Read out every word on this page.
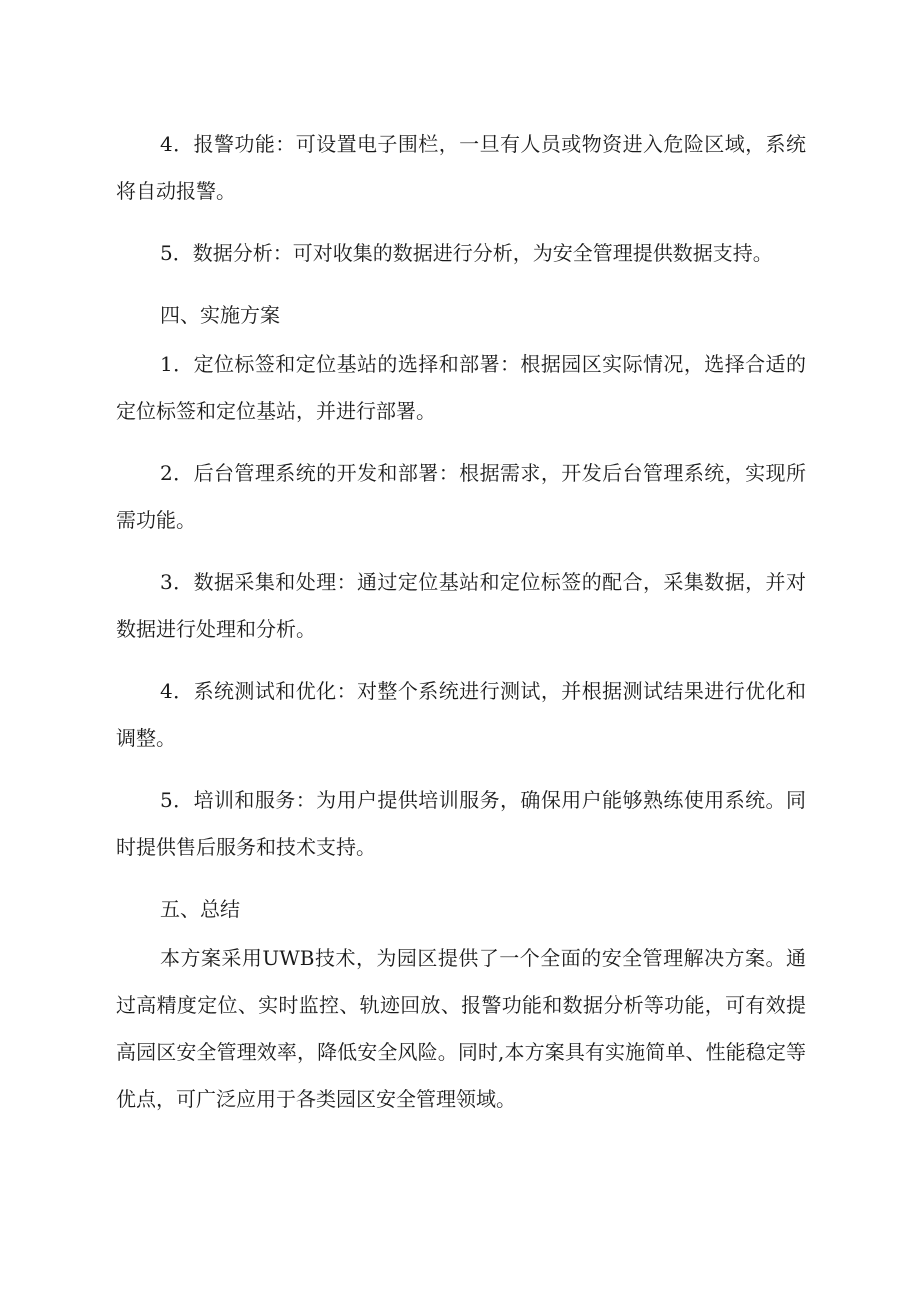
4．报警功能：可设置电子围栏，一旦有人员或物资进入危险区域，系统将自动报警。

5．数据分析：可对收集的数据进行分析，为安全管理提供数据支持。

四、实施方案

1．定位标签和定位基站的选择和部署：根据园区实际情况，选择合适的定位标签和定位基站，并进行部署。

2．后台管理系统的开发和部署：根据需求，开发后台管理系统，实现所需功能。

3．数据采集和处理：通过定位基站和定位标签的配合，采集数据，并对数据进行处理和分析。

4．系统测试和优化：对整个系统进行测试，并根据测试结果进行优化和调整。

5．培训和服务：为用户提供培训服务，确保用户能够熟练使用系统。同时提供售后服务和技术支持。

五、总结

本方案采用UWB技术，为园区提供了一个全面的安全管理解决方案。通过高精度定位、实时监控、轨迹回放、报警功能和数据分析等功能，可有效提高园区安全管理效率，降低安全风险。同时,本方案具有实施简单、性能稳定等优点，可广泛应用于各类园区安全管理领域。
